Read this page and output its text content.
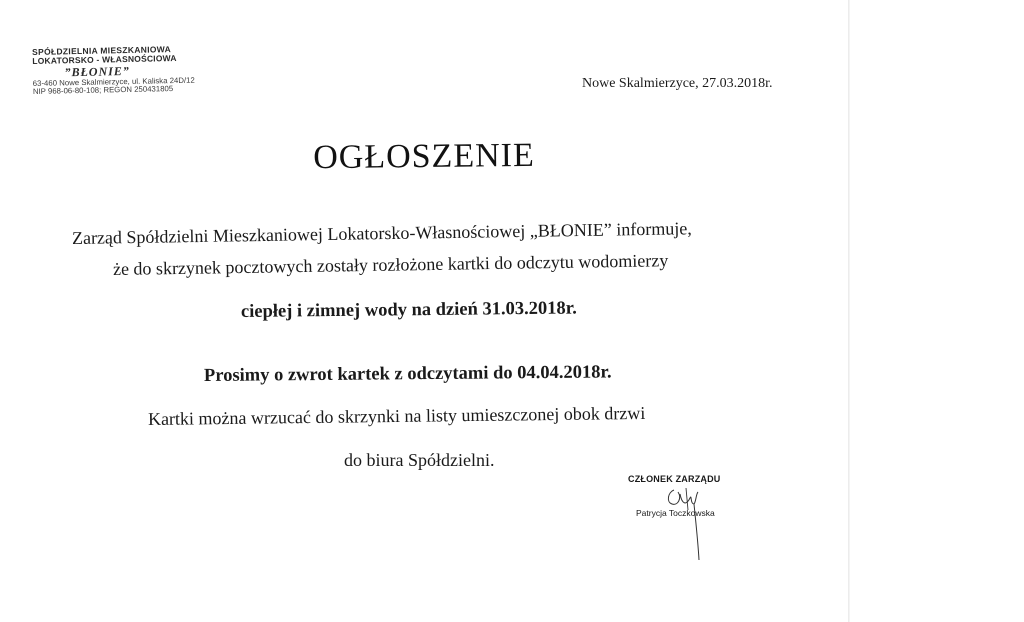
SPÓŁDZIELNIA MIESZKANIOWA
LOKATORSKO - WŁASNOŚCIOWA
”BŁONIE”
63-460 Nowe Skalmierzyce, ul. Kaliska 24D/12
NIP 968-06-80-108; REGON 250431805	Nowe Skalmierzyce, 27.03.2018r.
OGŁOSZENIE
Zarząd Spółdzielni Mieszkaniowej Lokatorsko-Własnościowej „BŁONIE” informuje,
że do skrzynek pocztowych zostały rozłożone kartki do odczytu wodomierzy
ciepłej i zimnej wody na dzień 31.03.2018r.
Prosimy o zwrot kartek z odczytami do 04.04.2018r.
Kartki można wrzucać do skrzynki na listy umieszczonej obok drzwi
do biura Spółdzielni.
CZŁONEK ZARZĄDU
Patrycja Toczkowska
